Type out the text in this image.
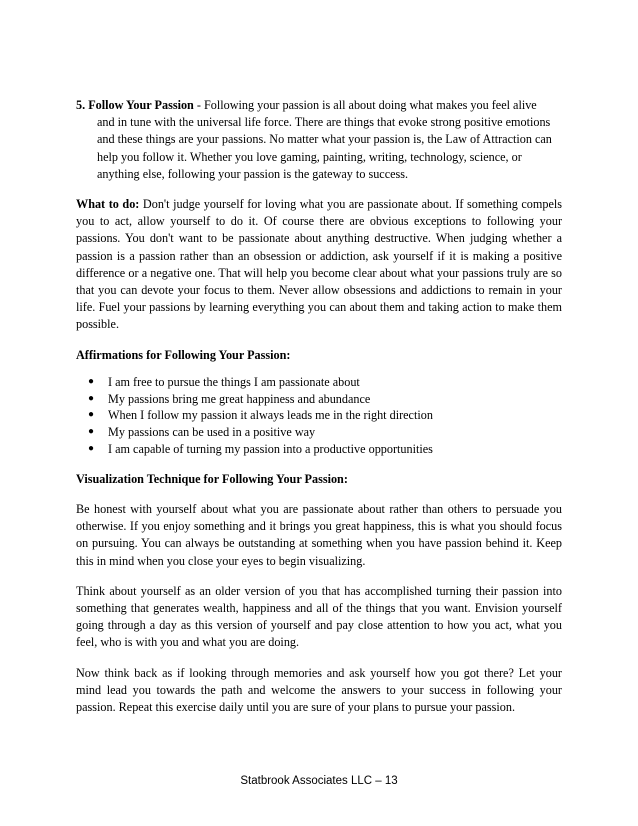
5. Follow Your Passion - Following your passion is all about doing what makes you feel alive
and in tune with the universal life force. There are things that evoke strong positive emotions and these things are your passions. No matter what your passion is, the Law of Attraction can help you follow it. Whether you love gaming, painting, writing, technology, science, or anything else, following your passion is the gateway to success.

What to do: Don't judge yourself for loving what you are passionate about. If something compels you to act, allow yourself to do it. Of course there are obvious exceptions to following your passions. You don't want to be passionate about anything destructive. When judging whether a passion is a passion rather than an obsession or addiction, ask yourself if it is making a positive difference or a negative one. That will help you become clear about what your passions truly are so that you can devote your focus to them. Never allow obsessions and addictions to remain in your life. Fuel your passions by learning everything you can about them and taking action to make them possible.

Affirmations for Following Your Passion:
● I am free to pursue the things I am passionate about
● My passions bring me great happiness and abundance
● When I follow my passion it always leads me in the right direction
● My passions can be used in a positive way
● I am capable of turning my passion into a productive opportunities
Visualization Technique for Following Your Passion:

Be honest with yourself about what you are passionate about rather than others to persuade you otherwise. If you enjoy something and it brings you great happiness, this is what you should focus on pursuing. You can always be outstanding at something when you have passion behind it. Keep this in mind when you close your eyes to begin visualizing.

Think about yourself as an older version of you that has accomplished turning their passion into something that generates wealth, happiness and all of the things that you want. Envision yourself going through a day as this version of yourself and pay close attention to how you act, what you feel, who is with you and what you are doing.

Now think back as if looking through memories and ask yourself how you got there? Let your mind lead you towards the path and welcome the answers to your success in following your passion. Repeat this exercise daily until you are sure of your plans to pursue your passion.

Statbrook Associates LLC – 13
